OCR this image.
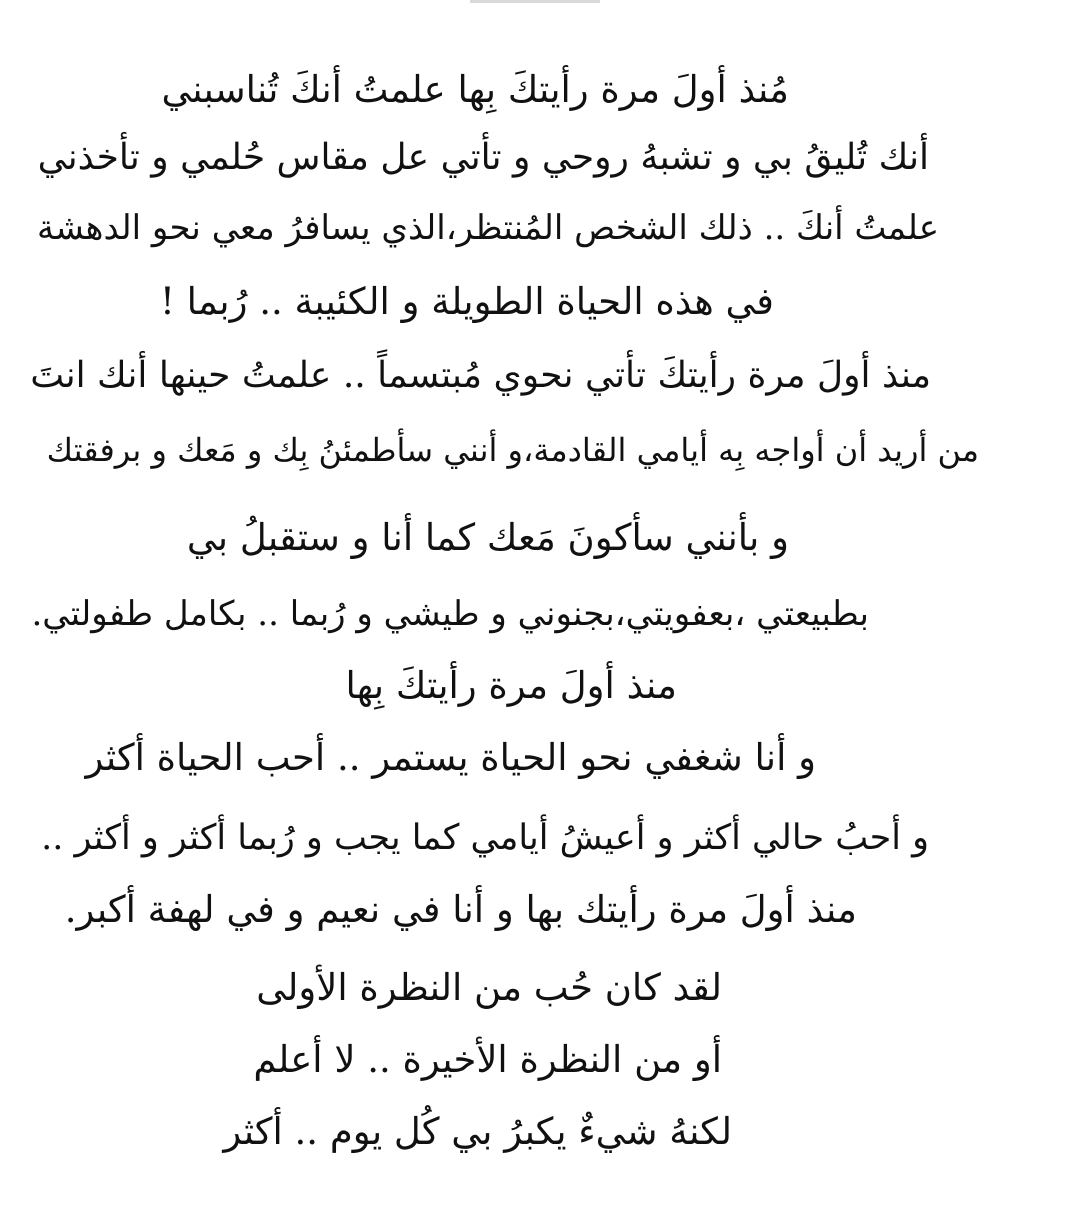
مُنذ أولَ مرة رأيتكَ بِها علمتُ أنكَ تُناسبني
أنك تُليقُ بي و تشبهُ روحي و تأتي عل مقاس حُلمي و تأخذني
علمتُ أنكَ .. ذلك الشخص المُنتظر،الذي يسافرُ معي نحو الدهشة
في هذه الحياة الطويلة و الكئيبة .. رُبما !
منذ أولَ مرة رأيتكَ تأتي نحوي مُبتسماً .. علمتُ حينها أنك انتَ
من أريد أن أواجه بِه أيامي القادمة،و أنني سأطمئنُ بِك و مَعك و برفقتك
و بأنني سأكونَ مَعك كما أنا و ستقبلُ بي
بطبيعتي ،بعفويتي،بجنوني و طيشي و رُبما .. بكامل طفولتي.
منذ أولَ مرة رأيتكَ بِها
و أنا شغفي نحو الحياة يستمر .. أحب الحياة أكثر
و أحبُ حالي أكثر و أعيشُ أيامي كما يجب و رُبما أكثر و أكثر ..
منذ أولَ مرة رأيتك بها و أنا في نعيم و في لهفة أكبر.
لقد كان حُب من النظرة الأولى
أو من النظرة الأخيرة .. لا أعلم
لكنهُ شيءٌ يكبرُ بي كُل يوم .. أكثر
